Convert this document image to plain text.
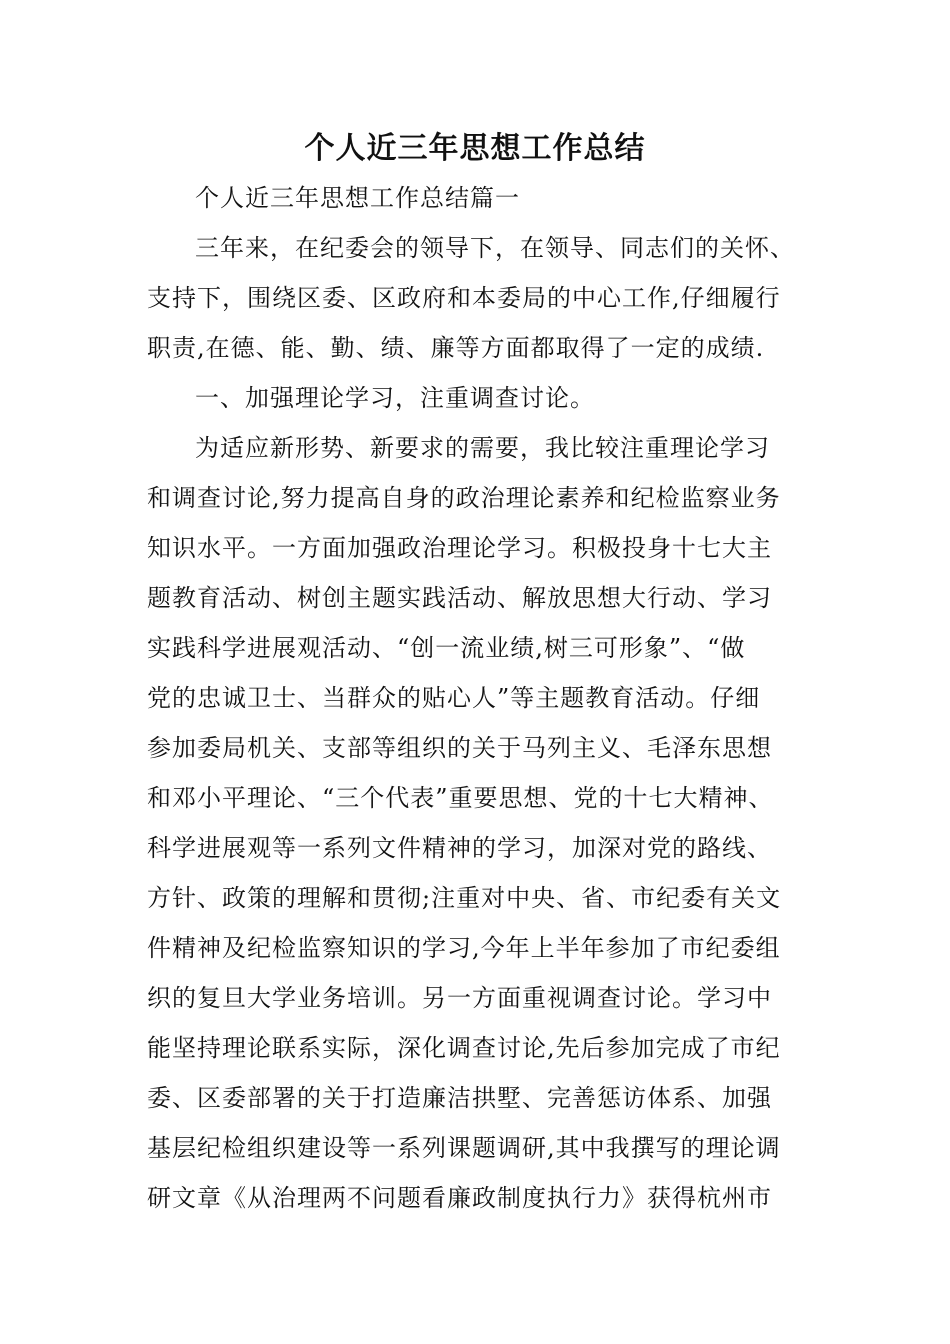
个人近三年思想工作总结
个人近三年思想工作总结篇一
三年来，在纪委会的领导下，在领导、同志们的关怀、
支持下，围绕区委、区政府和本委局的中心工作,仔细履行
职责,在德、能、勤、绩、廉等方面都取得了一定的成绩.
一、加强理论学习，注重调查讨论。
为适应新形势、新要求的需要，我比较注重理论学习
和调查讨论,努力提高自身的政治理论素养和纪检监察业务
知识水平。一方面加强政治理论学习。积极投身十七大主
题教育活动、树创主题实践活动、解放思想大行动、学习
实践科学进展观活动、“创一流业绩,树三可形象”、“做
党的忠诚卫士、当群众的贴心人”等主题教育活动。仔细
参加委局机关、支部等组织的关于马列主义、毛泽东思想
和邓小平理论、“三个代表”重要思想、党的十七大精神、
科学进展观等一系列文件精神的学习，加深对党的路线、
方针、政策的理解和贯彻;注重对中央、省、市纪委有关文
件精神及纪检监察知识的学习,今年上半年参加了市纪委组
织的复旦大学业务培训。另一方面重视调查讨论。学习中
能坚持理论联系实际，深化调查讨论,先后参加完成了市纪
委、区委部署的关于打造廉洁拱墅、完善惩访体系、加强
基层纪检组织建设等一系列课题调研,其中我撰写的理论调
研文章《从治理两不问题看廉政制度执行力》获得杭州市
